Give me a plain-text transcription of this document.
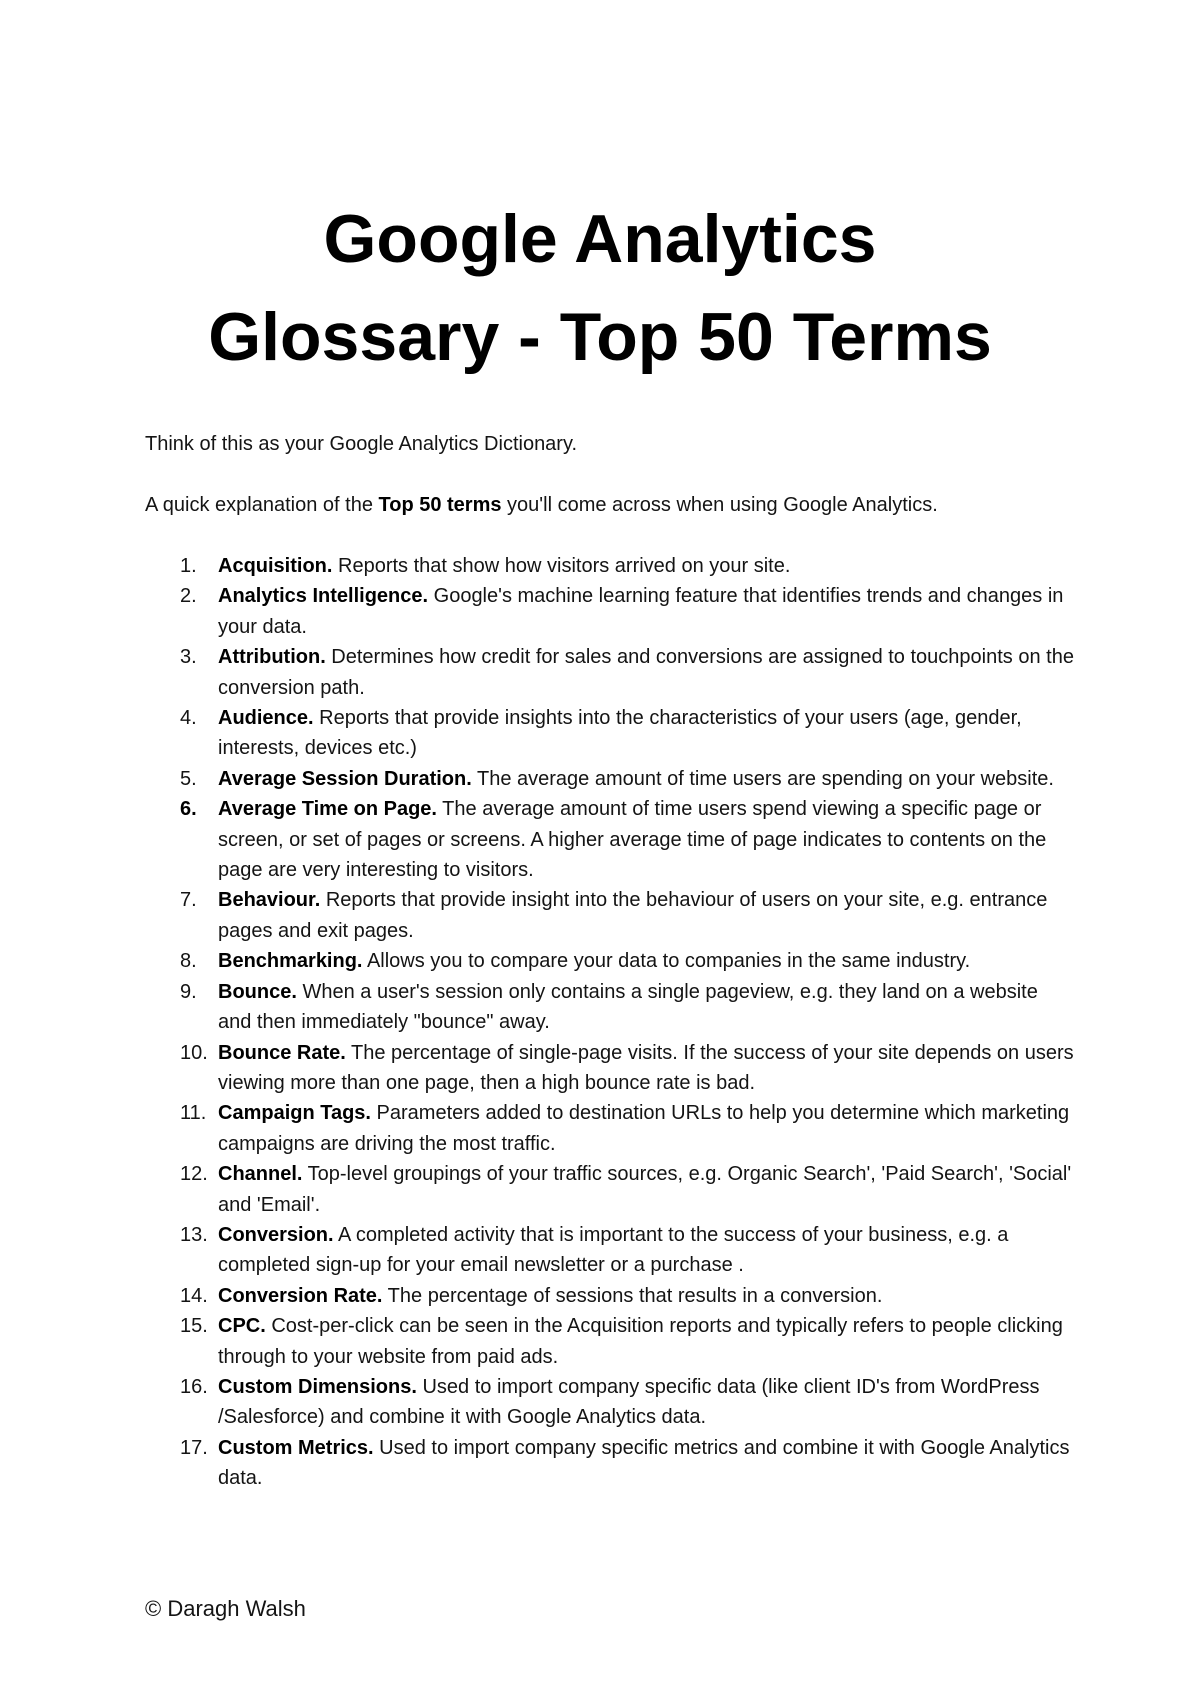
Google Analytics
Glossary - Top 50 Terms

Think of this as your Google Analytics Dictionary.

A quick explanation of the Top 50 terms you'll come across when using Google Analytics.

1.	Acquisition. Reports that show how visitors arrived on your site.
2.	Analytics Intelligence. Google's machine learning feature that identifies trends and changes in your data.
3.	Attribution. Determines how credit for sales and conversions are assigned to touchpoints on the conversion path.
4.	Audience. Reports that provide insights into the characteristics of your users (age, gender, interests, devices etc.)
5.	Average Session Duration. The average amount of time users are spending on your website.
6.	Average Time on Page. The average amount of time users spend viewing a specific page or screen, or set of pages or screens. A higher average time of page indicates to contents on the page are very interesting to visitors.
7.	Behaviour. Reports that provide insight into the behaviour of users on your site, e.g. entrance pages and exit pages.
8.	Benchmarking. Allows you to compare your data to companies in the same industry.
9.	Bounce. When a user's session only contains a single pageview, e.g. they land on a website and then immediately "bounce" away.
10. Bounce Rate. The percentage of single-page visits. If the success of your site depends on users viewing more than one page, then a high bounce rate is bad.
11. Campaign Tags. Parameters added to destination URLs to help you determine which marketing campaigns are driving the most traffic.
12. Channel. Top-level groupings of your traffic sources, e.g. Organic Search', 'Paid Search', 'Social' and 'Email'.
13. Conversion. A completed activity that is important to the success of your business, e.g. a completed sign-up for your email newsletter or a purchase .
14. Conversion Rate. The percentage of sessions that results in a conversion.
15. CPC. Cost-per-click can be seen in the Acquisition reports and typically refers to people clicking through to your website from paid ads.
16. Custom Dimensions. Used to import company specific data (like client ID's from WordPress /Salesforce) and combine it with Google Analytics data.
17. Custom Metrics. Used to import company specific metrics and combine it with Google Analytics data.

© Daragh Walsh
